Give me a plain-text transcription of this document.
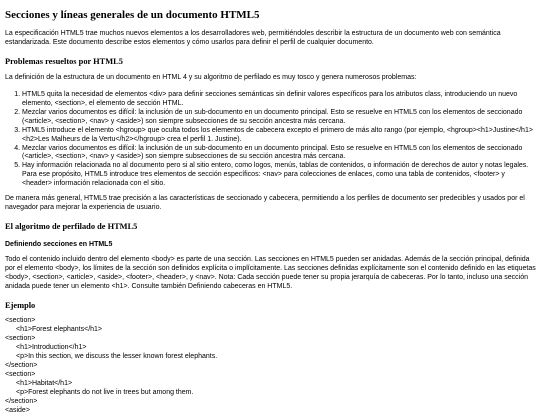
Secciones y líneas generales de un documento HTML5

La especificación HTML5 trae muchos nuevos elementos a los desarrolladores web, permitiéndoles describir la estructura de un documento web con semántica estandarizada. Este documento describe estos elementos y cómo usarlos para definir el perfil de cualquier documento.

Problemas resueltos por HTML5

La definición de la estructura de un documento en HTML 4 y su algoritmo de perfilado es muy tosco y genera numerosos problemas:

1. HTML5 quita la necesidad de elementos <div> para definir secciones semánticas sin definir valores específicos para los atributos class, introduciendo un nuevo elemento, <section>, el elemento de sección HTML.
2. Mezclar varios documentos es difícil: la inclusión de un sub-documento en un documento principal. Esto se resuelve en HTML5 con los elementos de seccionado (<article>, <section>, <nav> y <aside>) son siempre subsecciones de su sección ancestra más cercana.
3. HTML5 introduce el elemento <hgroup> que oculta todos los elementos de cabecera excepto el primero de más alto rango (por ejemplo, <hgroup><h1>Justine</h1><h2>Les Malheurs de la Vertu</h2></hgroup> crea el perfil 1. Justine).
4. Mezclar varios documentos es difícil: la inclusión de un sub-documento en un documento principal. Esto se resuelve en HTML5 con los elementos de seccionado (<article>, <section>, <nav> y <aside>) son siempre subsecciones de su sección ancestra más cercana.
5. Hay información relacionada no al documento pero si al sitio entero, como logos, menús, tablas de contenidos, o información de derechos de autor y notas legales. Para ese propósito, HTML5 introduce tres elementos de sección específicos: <nav> para colecciones de enlaces, como una tabla de contenidos, <footer> y <header> información relacionada con el sitio.

De manera más general, HTML5 trae precisión a las características de seccionado y cabecera, permitiendo a los perfiles de documento ser predecibles y usados por el navegador para mejorar la experiencia de usuario.

El algoritmo de perfilado de HTML5
Definiendo secciones en HTML5

Todo el contenido incluido dentro del elemento <body> es parte de una sección. Las secciones en HTML5 pueden ser anidadas. Además de la sección principal, definida por el elemento <body>, los límites de la sección son definidos explícita o implícitamente. Las secciones definidas explícitamente son el contenido definido en las etiquetas <body>, <section>, <article>, <aside>, <footer>, <header>, y <nav>. Nota: Cada sección puede tener su propia jerarquía de cabeceras. Por lo tanto, incluso una sección anidada puede tener un elemento <h1>. Consulte también Definiendo cabeceras en HTML5.

Ejemplo
<section>
<h1>Forest elephants</h1>
<section>
<h1>Introduction</h1>
<p>In this section, we discuss the lesser known forest elephants.
</section>
<section>
<h1>Habitat</h1>
<p>Forest elephants do not live in trees but among them.
</section>
<aside>
